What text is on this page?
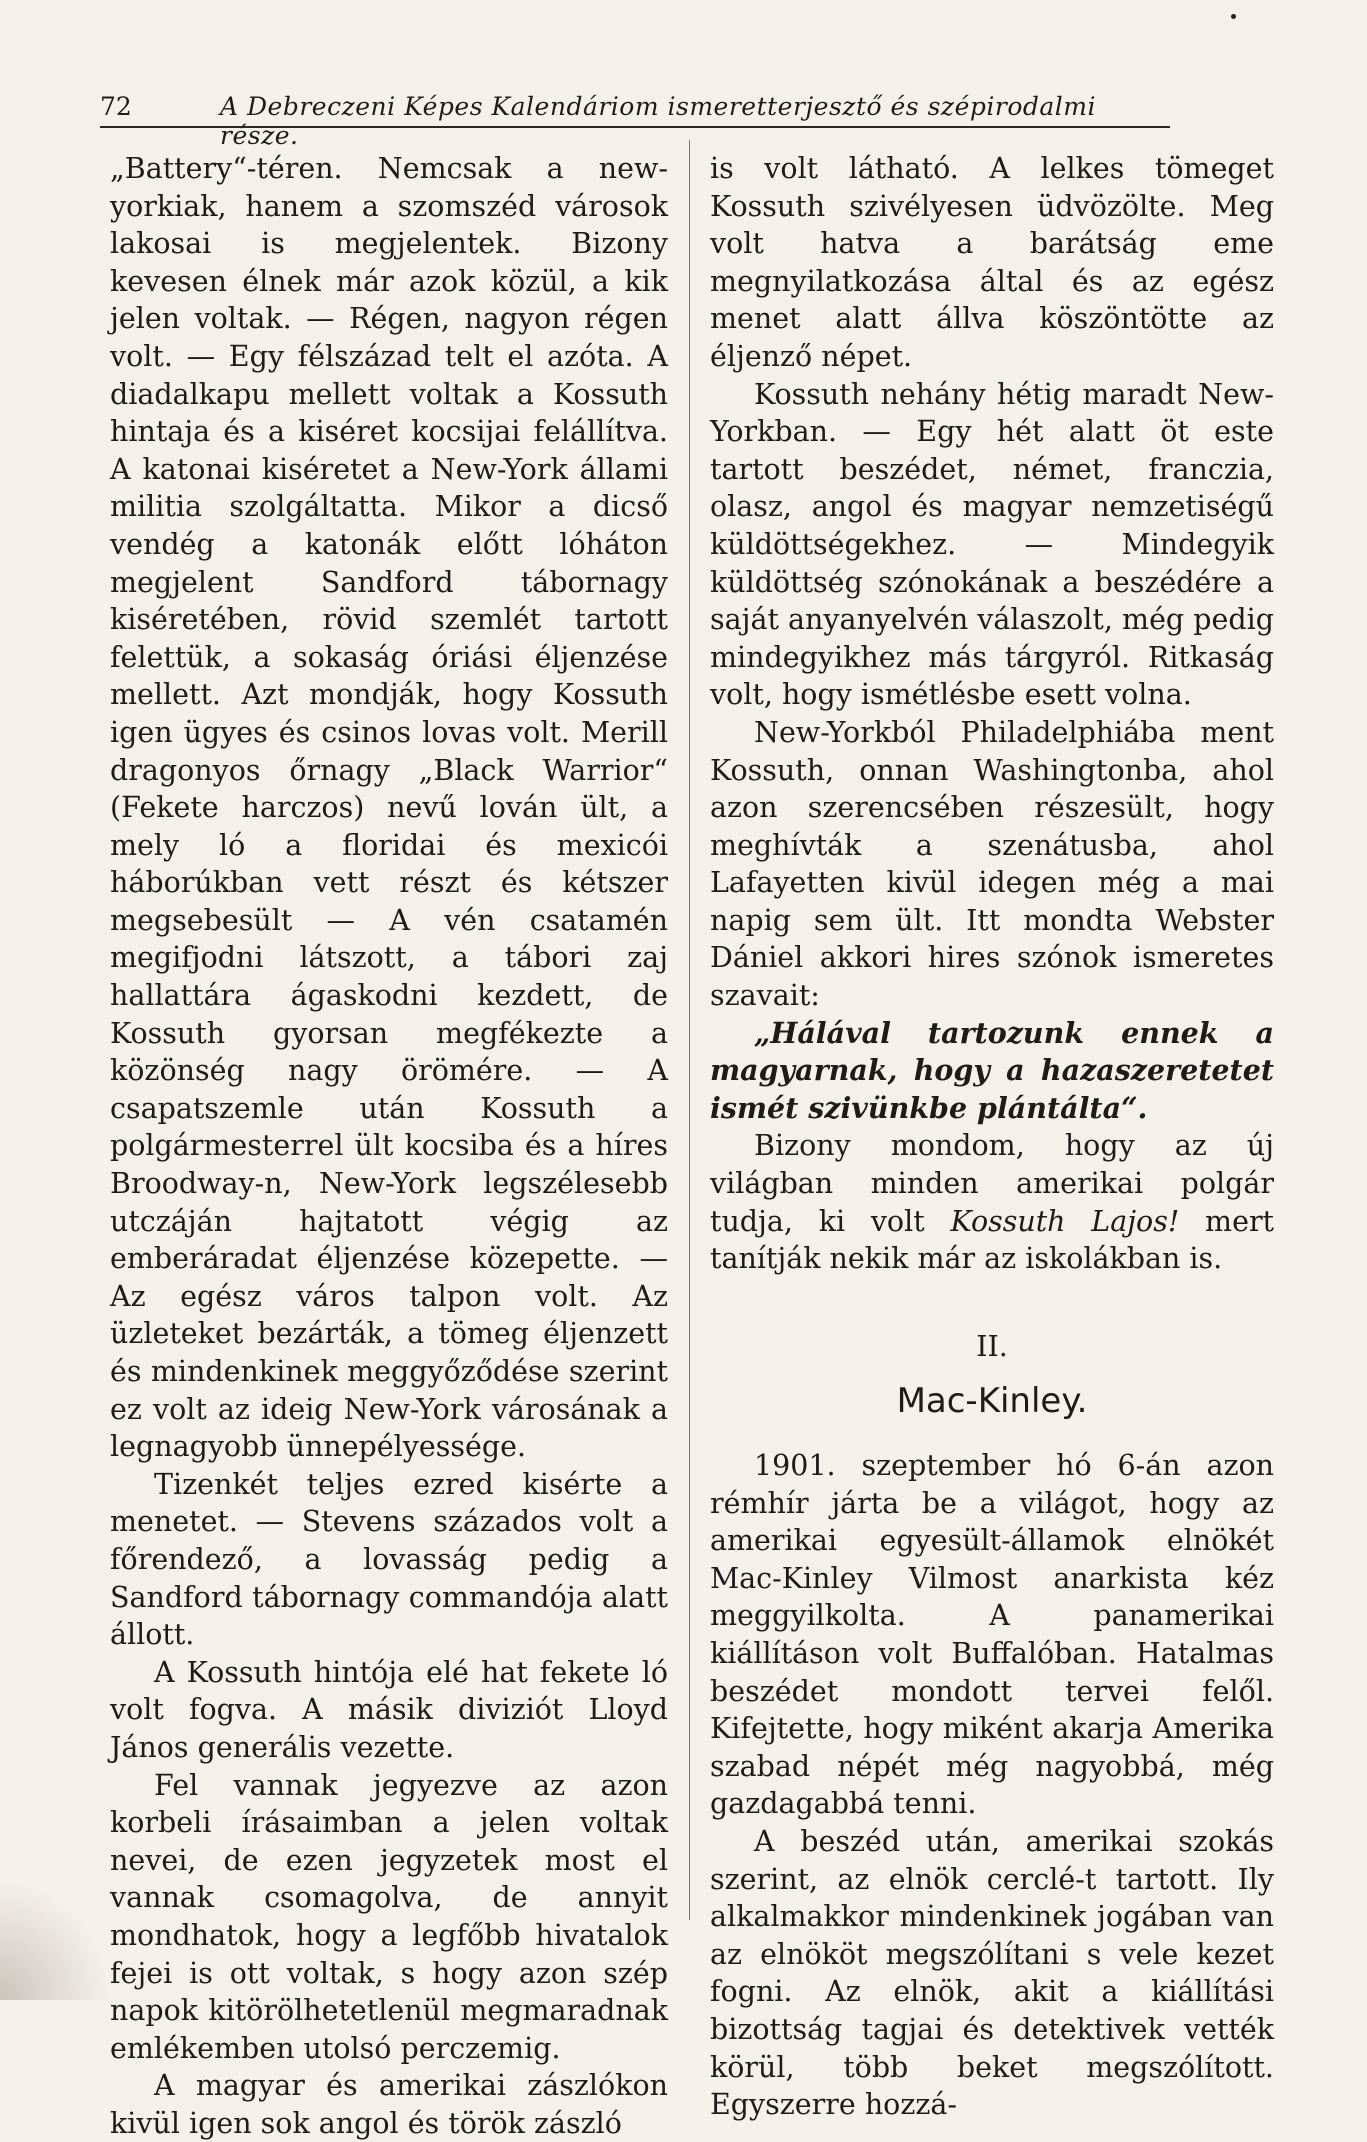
72	A Debreczeni Képes Kalendáriom ismeretterjesztő és szépirodalmi része.

„Battery“-téren. Nemcsak a new-yorkiak, hanem a szomszéd városok lakosai is megjelentek. Bizony kevesen élnek már azok közül, a kik jelen voltak. — Régen, nagyon régen volt. — Egy félszázad telt el azóta. A diadalkapu mellett voltak a Kossuth hintaja és a kiséret kocsijai felállítva. A katonai kiséretet a New-York állami militia szolgáltatta. Mikor a dicső vendég a katonák előtt lóháton megjelent Sandford tábornagy kiséretében, rövid szemlét tartott felettük, a sokaság óriási éljenzése mellett. Azt mondják, hogy Kossuth igen ügyes és csinos lovas volt. Merill dragonyos őrnagy „Black Warrior“ (Fekete harczos) nevű lován ült, a mely ló a floridai és mexicói háborúkban vett részt és kétszer megsebesült — A vén csatamén megifjodni látszott, a tábori zaj hallattára ágaskodni kezdett, de Kossuth gyorsan megfékezte a közönség nagy örömére. — A csapatszemle után Kossuth a polgármesterrel ült kocsiba és a híres Broodway-n, New-York legszélesebb utczáján hajtatott végig az emberáradat éljenzése közepette. — Az egész város talpon volt. Az üzleteket bezárták, a tömeg éljenzett és mindenkinek meggyőződése szerint ez volt az ideig New-York városának a legnagyobb ünnepélyessége.

Tizenkét teljes ezred kisérte a menetet. — Stevens százados volt a főrendező, a lovasság pedig a Sandford tábornagy commandója alatt állott.

A Kossuth hintója elé hat fekete ló volt fogva. A másik diviziót Lloyd János generális vezette.

Fel vannak jegyezve az azon korbeli írásaimban a jelen voltak nevei, de ezen jegyzetek most el vannak csomagolva, de annyit mondhatok, hogy a legfőbb hivatalok fejei is ott voltak, s hogy azon szép napok kitörölhetetlenül megmaradnak emlékemben utolsó perczemig.

A magyar és amerikai zászlókon kivül igen sok angol és török zászló

is volt látható. A lelkes tömeget Kossuth szivélyesen üdvözölte. Meg volt hatva a barátság eme megnyilatkozása által és az egész menet alatt állva köszöntötte az éljenző népet.

Kossuth nehány hétig maradt New-Yorkban. — Egy hét alatt öt este tartott beszédet, német, franczia, olasz, angol és magyar nemzetiségű küldöttségekhez. — Mindegyik küldöttség szónokának a beszédére a saját anyanyelvén válaszolt, még pedig mindegyikhez más tárgyról. Ritkaság volt, hogy ismétlésbe esett volna.

New-Yorkból Philadelphiába ment Kossuth, onnan Washingtonba, ahol azon szerencsében részesült, hogy meghívták a szenátusba, ahol Lafayetten kivül idegen még a mai napig sem ült. Itt mondta Webster Dániel akkori hires szónok ismeretes szavait:

„Hálával tartozunk ennek a magyarnak, hogy a hazaszeretetet ismét szivünkbe plántálta“.

Bizony mondom, hogy az új világban minden amerikai polgár tudja, ki volt Kossuth Lajos! mert tanítják nekik már az iskolákban is.

II.

Mac-Kinley.

1901. szeptember hó 6-án azon rémhír járta be a világot, hogy az amerikai egyesült-államok elnökét Mac-Kinley Vilmost anarkista kéz meggyilkolta. A panamerikai kiállításon volt Buffalóban. Hatalmas beszédet mondott tervei felől. Kifejtette, hogy miként akarja Amerika szabad népét még nagyobbá, még gazdagabbá tenni.

A beszéd után, amerikai szokás szerint, az elnök cerclé-t tartott. Ily alkalmakkor mindenkinek jogában van az elnököt megszólítani s vele kezet fogni. Az elnök, akit a kiállítási bizottság tagjai és detektivek vették körül, több beket megszólított. Egyszerre hozzá-
